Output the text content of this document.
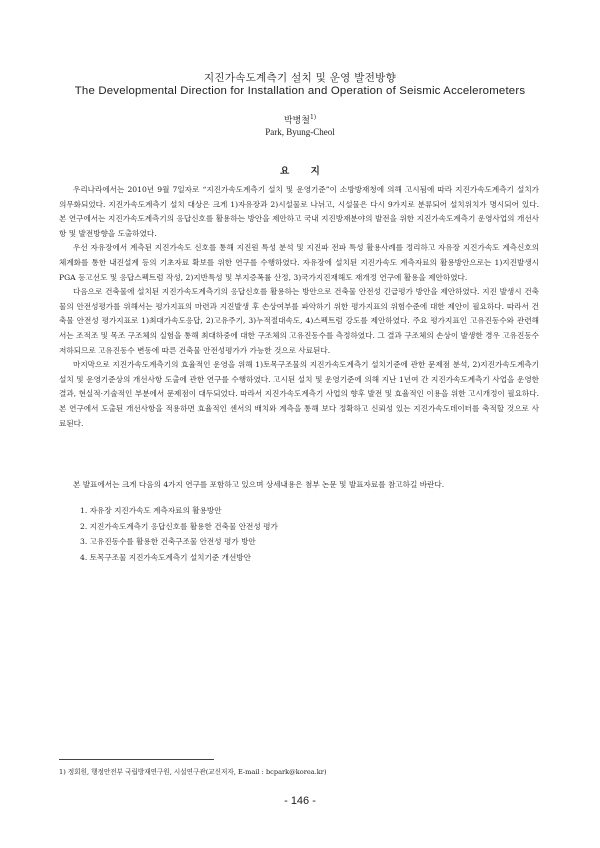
지진가속도계측기 설치 및 운영 발전방향
The Developmental Direction for Installation and Operation of Seismic Accelerometers
박병철$^{1)}$
Park, Byung-Cheol
요 지

우리나라에서는 2010년 9월 7일자로 “지진가속도계측기 설치 및 운영기준”이 소방방재청에 의해 고시됨에 따라 지진가속도계측기 설치가 의무화되었다. 지진가속도계측기 설치 대상은 크게 1)자유장과 2)시설물로 나뉘고, 시설물은 다시 9가지로 분류되어 설치위치가 명시되어 있다. 본 연구에서는 지진가속도계측기의 응답신호를 활용하는 방안을 제안하고 국내 지진방재분야의 발전을 위한 지진가속도계측기 운영사업의 개선사항 및 발전방향을 도출하였다.

우선 자유장에서 계측된 지진가속도 신호를 통해 지진원 특성 분석 및 지진파 전파 특성 활용사례를 정리하고 자유장 지진가속도 계측신호의 체계화를 통한 내진설계 등의 기초자료 확보를 위한 연구를 수행하였다. 자유장에 설치된 지진가속도 계측자료의 활용방안으로는 1)지진발생시 PGA 등고선도 및 응답스펙트럼 작성, 2)지반특성 및 부지증폭률 산정, 3)국가지진재해도 재개정 연구에 활용을 제안하였다.

다음으로 건축물에 설치된 지진가속도계측기의 응답신호를 활용하는 방안으로 건축물 안전성 긴급평가 방안을 제안하였다. 지진 발생시 건축물의 안전성평가를 위해서는 평가지표의 마련과 지진발생 후 손상여부를 파악하기 위한 평가지표의 위험수준에 대한 제안이 필요하다. 따라서 건축물 안전성 평가지표로 1)최대가속도응답, 2)고유주기, 3)누적절대속도, 4)스펙트럼 강도를 제안하였다. 주요 평가지표인 고유진동수와 관련해서는 조적조 및 목조 구조체의 실험을 통해 최대하중에 대한 구조체의 고유진동수를 측정하였다. 그 결과 구조체의 손상이 발생한 경우 고유진동수 저하되므로 고유진동수 변동에 따른 건축물 안전성평가가 가능한 것으로 사료된다.

마지막으로 지진가속도계측기의 효율적인 운영을 위해 1)토목구조물의 지진가속도계측기 설치기준에 관한 문제점 분석, 2)지진가속도계측기 설치 및 운영기준상의 개선사항 도출에 관한 연구를 수행하였다. 고시된 설치 및 운영기준에 의해 지난 1년여 간 지진가속도계측기 사업을 운영한 결과, 현실적·기술적인 부분에서 문제점이 대두되었다. 따라서 지진가속도계측기 사업의 향후 발전 및 효율적인 이용을 위한 고시개정이 필요하다. 본 연구에서 도출된 개선사항을 적용하면 효율적인 센서의 배치와 계측을 통해 보다 정확하고 신뢰성 있는 지진가속도데이터를 축적할 것으로 사료된다.

본 발표에서는 크게 다음의 4가지 연구를 포함하고 있으며 상세내용은 첨부 논문 및 발표자료를 참고하길 바란다.
1. 자유장 지진가속도 계측자료의 활용방안
2. 지진가속도계측기 응답신호를 활용한 건축물 안전성 평가
3. 고유진동수를 활용한 건축구조물 안전성 평가 방안
4. 토목구조물 지진가속도계측기 설치기준 개선방안
1) 정회원, 행정안전부 국립방재연구원, 시설연구관(교신저자, E-mail : bcpark@korea.kr)
- 146 -
